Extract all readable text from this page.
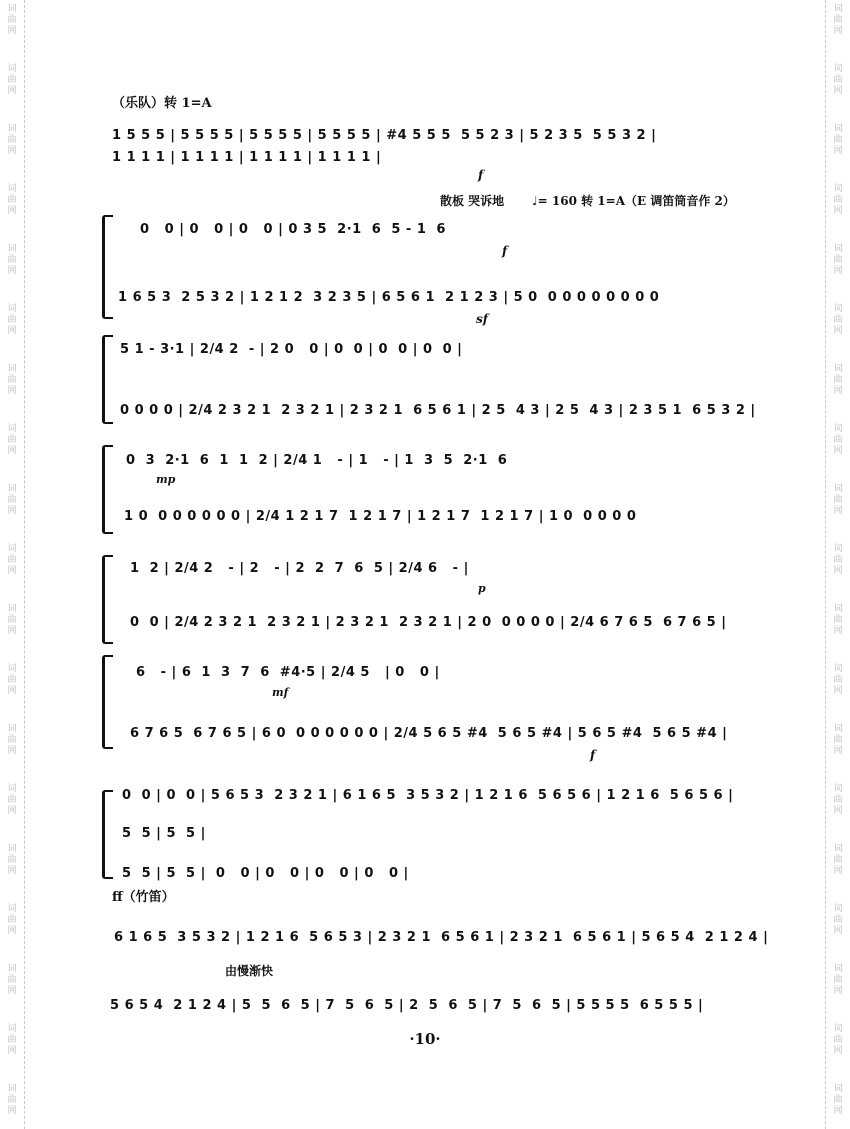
（乐队）转 1=A
散板 哭诉地 ♩= 160 转 1=A（E 调笛筒音作 2）
1 5 5 5 | 5 5 5 5 | 5 5 5 5 | 5 5 5 5 | #4 5 5 5  5 5 2 3 | 5 2 3 5  5 5 3 2 |
1 1 1 1 | 1 1 1 1 | 1 1 1 1 | 1 1 1 1 |
0   0 | 0   0 | 0   0 | 0 3 5  2·1  6  5 - 1  6
1 6 5 3  2 5 3 2 | 1 2 1 2  3 2 3 5 | 6 5 6 1  2 1 2 3 | 5 0  0 0 0 0 0 0 0 0
5 1 - 3·1 | 2/4 2  - | 2 0   0 | 0  0 | 0  0 | 0  0 |
0 0 0 0 | 2/4 2 3 2 1  2 3 2 1 | 2 3 2 1  6 5 6 1 | 2 5  4 3 | 2 5  4 3 | 2 3 5 1  6 5 3 2 |
0  3  2·1  6  1  1  2 | 2/4 1   - | 1   - | 1  3  5  2·1  6
1 0  0 0 0 0 0 0 | 2/4 1 2 1 7  1 2 1 7 | 1 2 1 7  1 2 1 7 | 1 0  0 0 0 0
1  2 | 2/4 2   - | 2   - | 2  2  7  6  5 | 2/4 6   - |
0  0 | 2/4 2 3 2 1  2 3 2 1 | 2 3 2 1  2 3 2 1 | 2 0  0 0 0 0 | 2/4 6 7 6 5  6 7 6 5 |
6   - | 6  1  3  7  6  #4·5 | 2/4 5   | 0   0 |
6 7 6 5  6 7 6 5 | 6 0  0 0 0 0 0 0 | 2/4 5 6 5 #4  5 6 5 #4 | 5 6 5 #4  5 6 5 #4 |
0  0 | 0  0 | 5 6 5 3  2 3 2 1 | 6 1 6 5  3 5 3 2 | 1 2 1 6  5 6 5 6 | 1 2 1 6  5 6 5 6 |
5  5 | 5  5 |
5  5 | 5  5 |  0   0 | 0   0 | 0   0 | 0   0 |
ff（竹笛）
6 1 6 5  3 5 3 2 | 1 2 1 6  5 6 5 3 | 2 3 2 1  6 5 6 1 | 2 3 2 1  6 5 6 1 | 5 6 5 4  2 1 2 4 |
由慢渐快
5 6 5 4  2 1 2 4 | 5  5  6  5 | 7  5  6  5 | 2  5  6  5 | 7  5  6  5 | 5 5 5 5  6 5 5 5 |
f
f
sf
mp
p
mf
f
·10·
词
曲
网
词
曲
网
词
曲
网
词
曲
网
词
曲
网
词
曲
网
词
曲
网
词
曲
网
词
曲
网
词
曲
网
词
曲
网
词
曲
网
词
曲
网
词
曲
网
词
曲
网
词
曲
网
词
曲
网
词
曲
网
词
曲
网
词
曲
网
词
曲
网
词
曲
网
词
曲
网
词
曲
网
词
曲
网
词
曲
网
词
曲
网
词
曲
网
词
曲
网
词
曲
网
词
曲
网
词
曲
网
词
曲
网
词
曲
网
词
曲
网
词
曲
网
词
曲
网
词
曲
网
